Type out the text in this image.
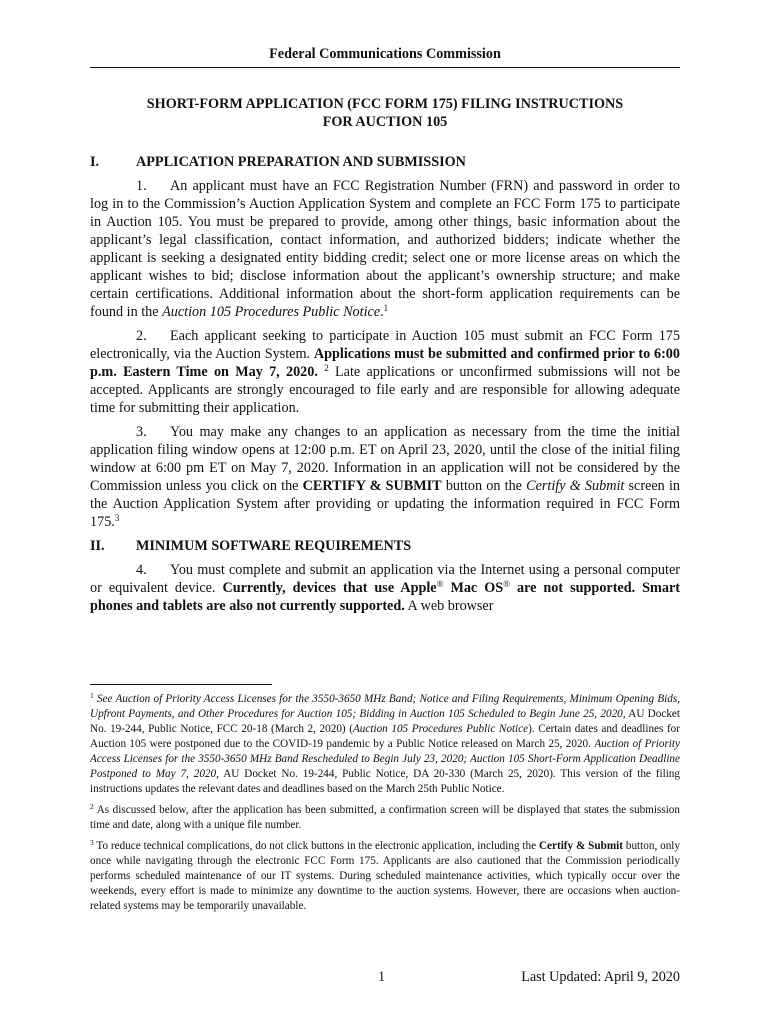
Federal Communications Commission
SHORT-FORM APPLICATION (FCC FORM 175) FILING INSTRUCTIONS
FOR AUCTION 105

I.	APPLICATION PREPARATION AND SUBMISSION

1. An applicant must have an FCC Registration Number (FRN) and password in order to log in to the Commission’s Auction Application System and complete an FCC Form 175 to participate in Auction 105. You must be prepared to provide, among other things, basic information about the applicant’s legal classification, contact information, and authorized bidders; indicate whether the applicant is seeking a designated entity bidding credit; select one or more license areas on which the applicant wishes to bid; disclose information about the applicant’s ownership structure; and make certain certifications. Additional information about the short-form application requirements can be found in the Auction 105 Procedures Public Notice.$^1$

2. Each applicant seeking to participate in Auction 105 must submit an FCC Form 175 electronically, via the Auction System. Applications must be submitted and confirmed prior to 6:00 p.m. Eastern Time on May 7, 2020. $^2$ Late applications or unconfirmed submissions will not be accepted. Applicants are strongly encouraged to file early and are responsible for allowing adequate time for submitting their application.

3. You may make any changes to an application as necessary from the time the initial application filing window opens at 12:00 p.m. ET on April 23, 2020, until the close of the initial filing window at 6:00 pm ET on May 7, 2020. Information in an application will not be considered by the Commission unless you click on the CERTIFY & SUBMIT button on the Certify & Submit screen in the Auction Application System after providing or updating the information required in FCC Form 175.$^3$

II. MINIMUM SOFTWARE REQUIREMENTS

4. You must complete and submit an application via the Internet using a personal computer or equivalent device. Currently, devices that use Apple® Mac OS® are not supported. Smart phones and tablets are also not currently supported. A web browser

$^1$ See Auction of Priority Access Licenses for the 3550-3650 MHz Band; Notice and Filing Requirements, Minimum Opening Bids, Upfront Payments, and Other Procedures for Auction 105; Bidding in Auction 105 Scheduled to Begin June 25, 2020, AU Docket No. 19-244, Public Notice, FCC 20-18 (March 2, 2020) (Auction 105 Procedures Public Notice). Certain dates and deadlines for Auction 105 were postponed due to the COVID-19 pandemic by a Public Notice released on March 25, 2020. Auction of Priority Access Licenses for the 3550-3650 MHz Band Rescheduled to Begin July 23, 2020; Auction 105 Short-Form Application Deadline Postponed to May 7, 2020, AU Docket No. 19-244, Public Notice, DA 20-330 (March 25, 2020). This version of the filing instructions updates the relevant dates and deadlines based on the March 25th Public Notice.

$^2$ As discussed below, after the application has been submitted, a confirmation screen will be displayed that states the submission time and date, along with a unique file number.

$^3$ To reduce technical complications, do not click buttons in the electronic application, including the Certify & Submit button, only once while navigating through the electronic FCC Form 175. Applicants are also cautioned that the Commission periodically performs scheduled maintenance of our IT systems. During scheduled maintenance activities, which typically occur over the weekends, every effort is made to minimize any downtime to the auction systems. However, there are occasions when auction-related systems may be temporarily unavailable.

1	Last Updated: April 9, 2020
